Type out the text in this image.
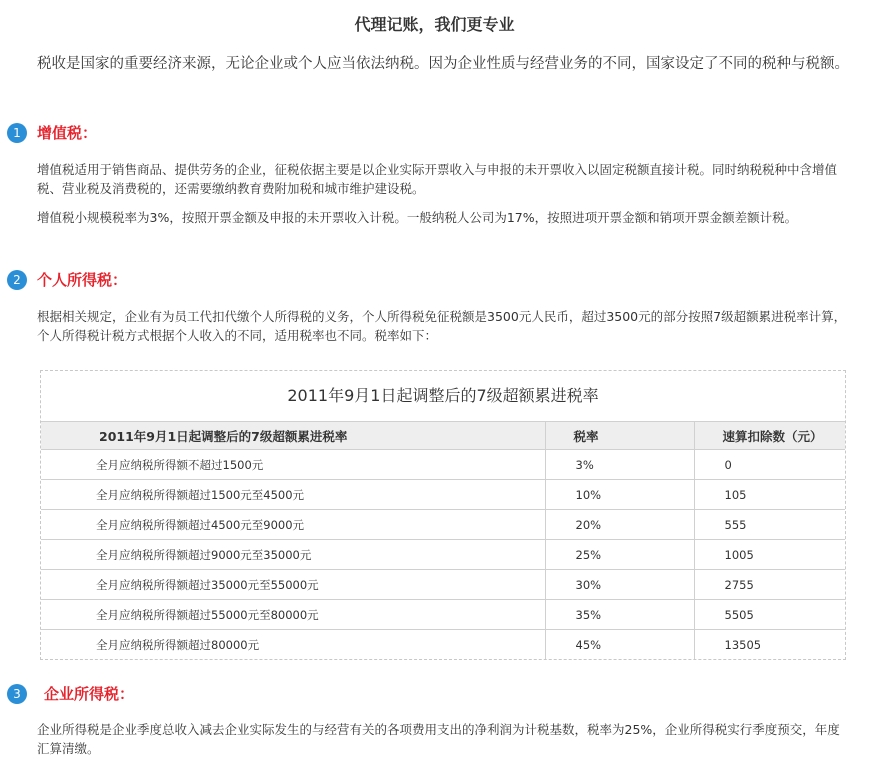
代理记账，我们更专业
税收是国家的重要经济来源，无论企业或个人应当依法纳税。因为企业性质与经营业务的不同，国家设定了不同的税种与税额。
1	增值税：
增值税适用于销售商品、提供劳务的企业，征税依据主要是以企业实际开票收入与申报的未开票收入以固定税额直接计税。同时纳税税种中含增值税、营业税及消费税的，还需要缴纳教育费附加税和城市维护建设税。
增值税小规模税率为3%，按照开票金额及申报的未开票收入计税。一般纳税人公司为17%，按照进项开票金额和销项开票金额差额计税。
2	个人所得税：
根据相关规定，企业有为员工代扣代缴个人所得税的义务，个人所得税免征税额是3500元人民币，超过3500元的部分按照7级超额累进税率计算，个人所得税计税方式根据个人收入的不同，适用税率也不同。税率如下：
2011年9月1日起调整后的7级超额累进税率
2011年9月1日起调整后的7级超额累进税率	税率	速算扣除数（元）
全月应纳税所得额不超过1500元	3%	0
全月应纳税所得额超过1500元至4500元	10%	105
全月应纳税所得额超过4500元至9000元	20%	555
全月应纳税所得额超过9000元至35000元	25%	1005
全月应纳税所得额超过35000元至55000元	30%	2755
全月应纳税所得额超过55000元至80000元	35%	5505
全月应纳税所得额超过80000元	45%	13505
3	企业所得税：
企业所得税是企业季度总收入减去企业实际发生的与经营有关的各项费用支出的净利润为计税基数，税率为25%，企业所得税实行季度预交，年度汇算清缴。
